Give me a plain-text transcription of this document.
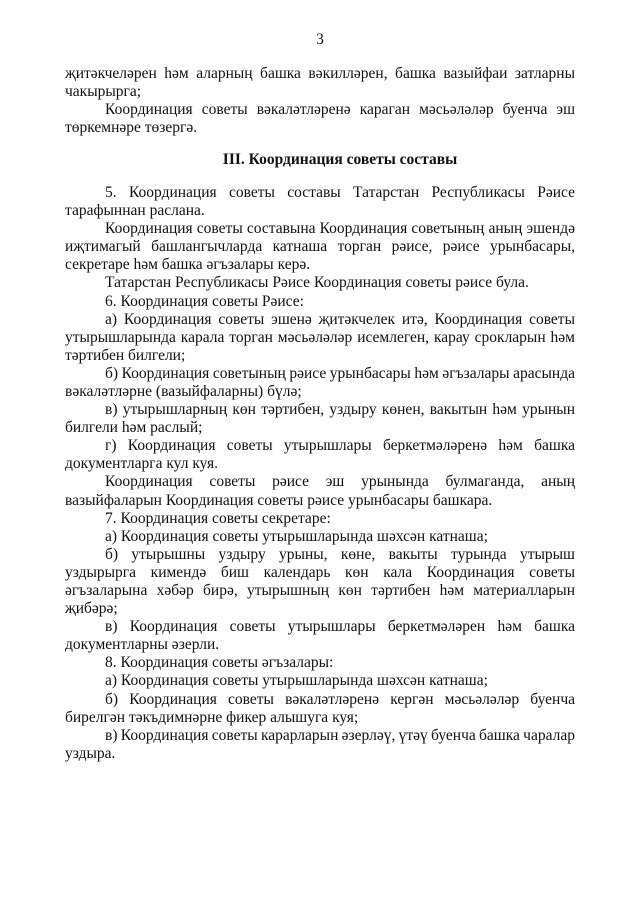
3
җитәкчеләрен һәм аларның башка вәкилләрен, башка вазыйфаи затларны
чакырырга;
Координация советы вәкаләтләренә караган мәсьәләләр буенча эш
төркемнәре төзергә.
III. Координация советы составы
5. Координация советы составы Татарстан Республикасы Рәисе
тарафыннан раслана.
Координация советы составына Координация советының аның эшендә
иҗтимагый башлангычларда катнаша торган рәисе, рәисе урынбасары,
секретаре һәм башка әгъзалары керә.
Татарстан Республикасы Рәисе Координация советы рәисе була.
6. Координация советы Рәисе:
а) Координация советы эшенә җитәкчелек итә, Координация советы
утырышларында карала торган мәсьәләләр исемлеген, карау срокларын һәм
тәртибен билгели;
б) Координация советының рәисе урынбасары һәм әгъзалары арасында
вәкаләтләрне (вазыйфаларны) бүлә;
в) утырышларның көн тәртибен, уздыру көнен, вакытын һәм урынын
билгели һәм раслый;
г) Координация советы утырышлары беркетмәләренә һәм башка
документларга кул куя.
Координация советы рәисе эш урынында булмаганда, аның
вазыйфаларын Координация советы рәисе урынбасары башкара.
7. Координация советы секретаре:
а) Координация советы утырышларында шәхсән катнаша;
б) утырышны уздыру урыны, көне, вакыты турында утырыш
уздырырга кимендә биш календарь көн кала Координация советы
әгъзаларына хәбәр бирә, утырышның көн тәртибен һәм материалларын
җибәрә;
в) Координация советы утырышлары беркетмәләрен һәм башка
документларны әзерли.
8. Координация советы әгъзалары:
а) Координация советы утырышларында шәхсән катнаша;
б) Координация советы вәкаләтләренә кергән мәсьәләләр буенча
бирелгән тәкъдимнәрне фикер алышуга куя;
в) Координация советы карарларын әзерләү, үтәү буенча башка чаралар
уздыра.
